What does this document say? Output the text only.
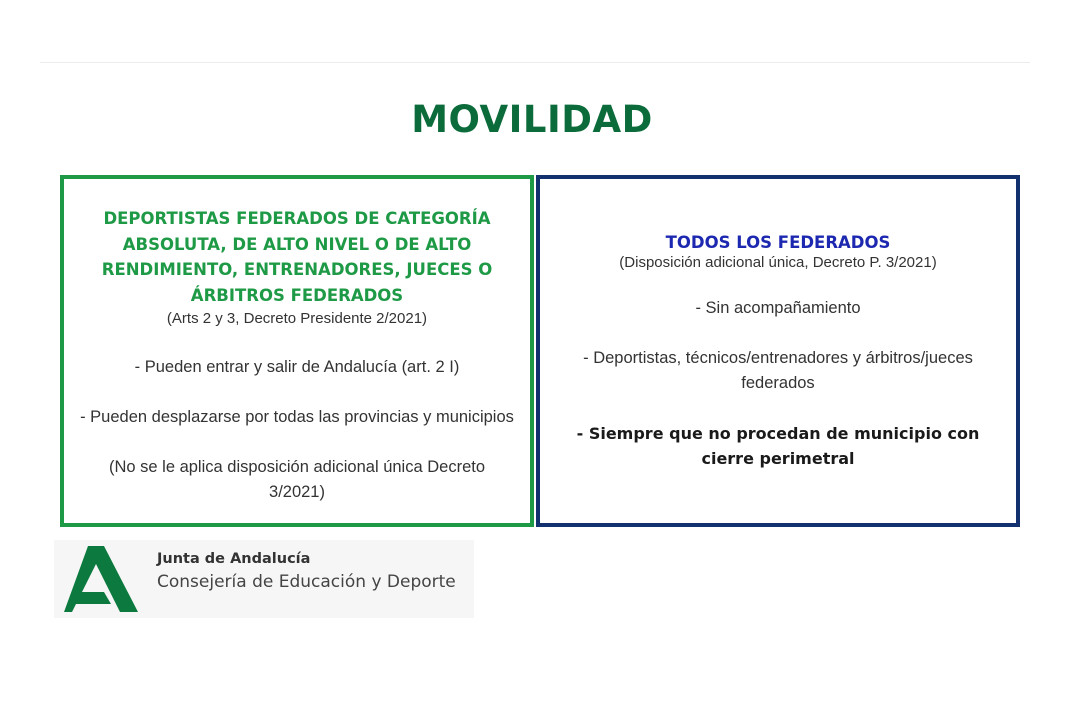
MOVILIDAD
DEPORTISTAS FEDERADOS DE CATEGORÍA ABSOLUTA, DE ALTO NIVEL O DE ALTO RENDIMIENTO, ENTRENADORES, JUECES O ÁRBITROS FEDERADOS
(Arts 2 y 3, Decreto Presidente 2/2021)
- Pueden entrar y salir de Andalucía (art. 2 I)
- Pueden desplazarse por todas las provincias y municipios
(No se le aplica disposición adicional única Decreto 3/2021)
TODOS LOS FEDERADOS
(Disposición adicional única, Decreto P. 3/2021)
- Sin acompañamiento
- Deportistas, técnicos/entrenadores y árbitros/jueces federados
- Siempre que no procedan de municipio con cierre perimetral
Junta de Andalucía
Consejería de Educación y Deporte
